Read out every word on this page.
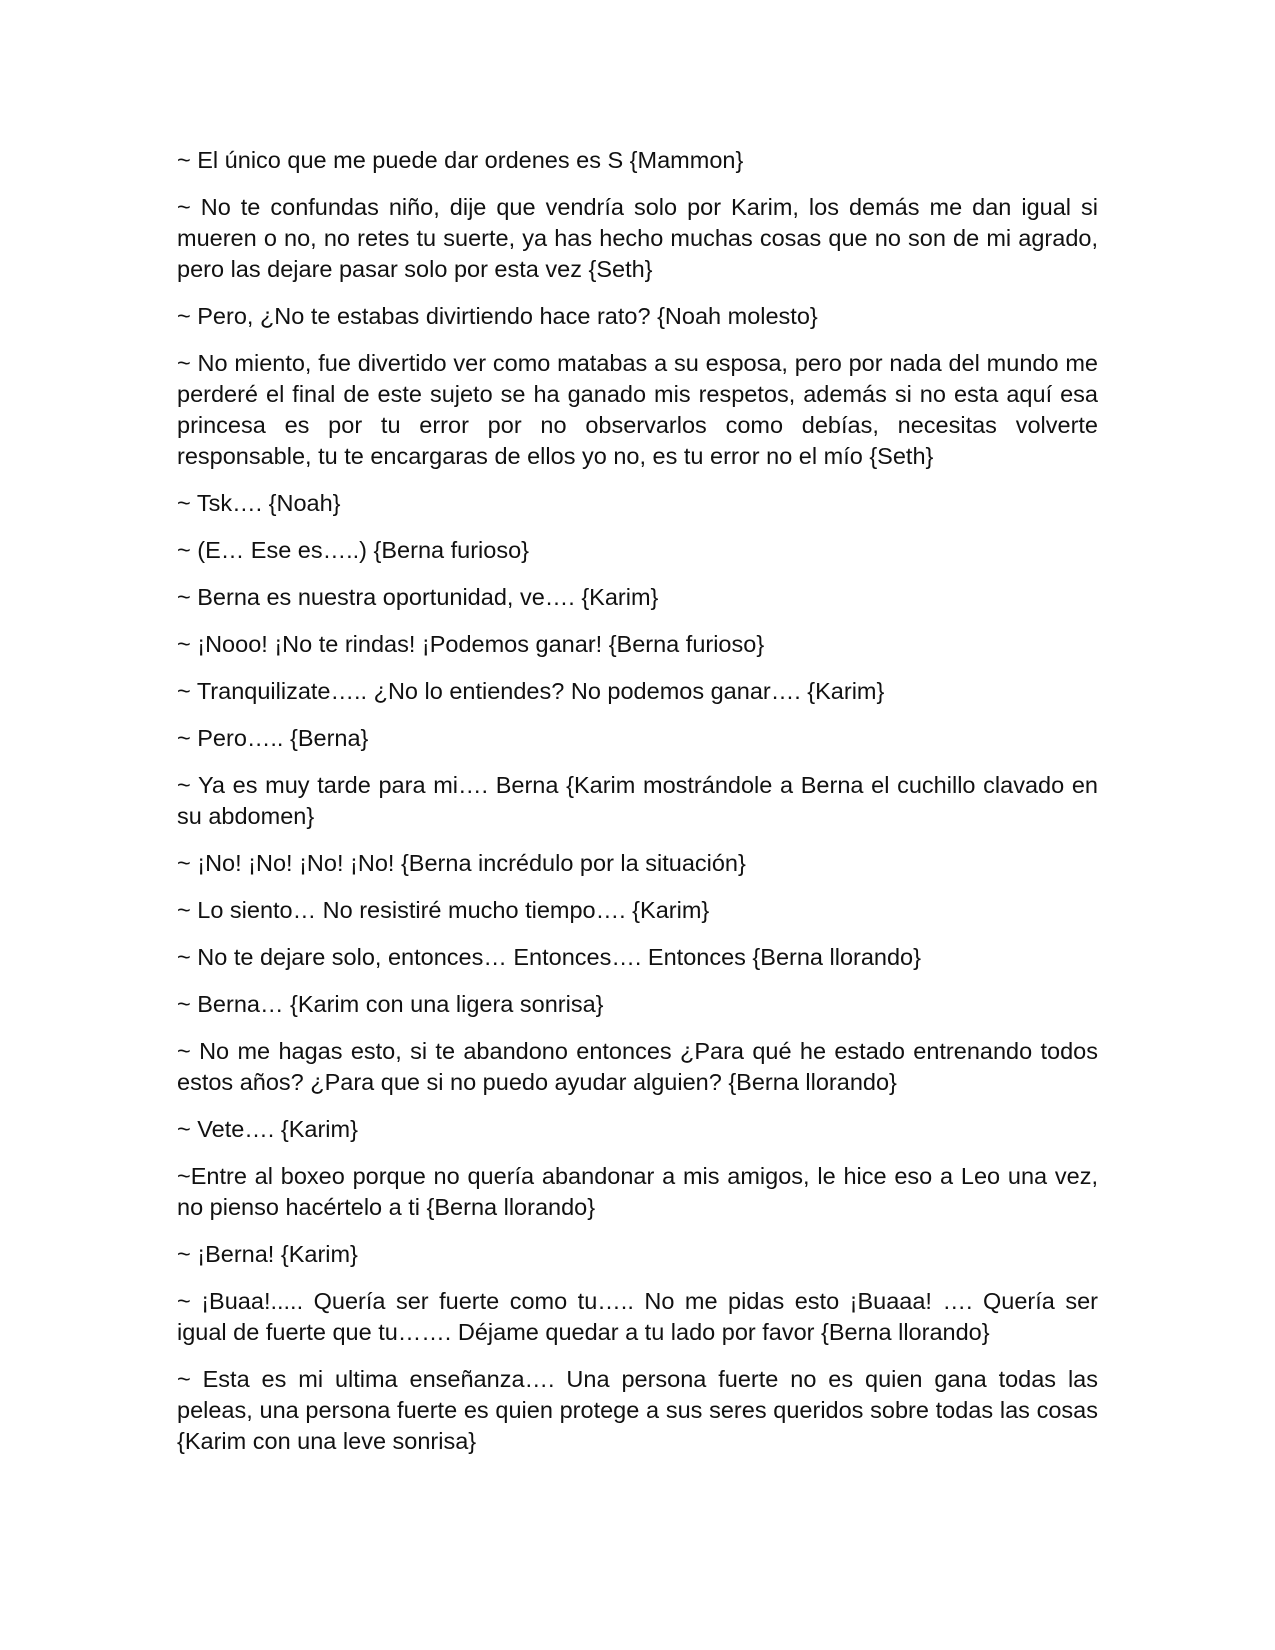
~ El único que me puede dar ordenes es S {Mammon}

~ No te confundas niño, dije que vendría solo por Karim, los demás me dan igual si mueren o no, no retes tu suerte, ya has hecho muchas cosas que no son de mi agrado, pero las dejare pasar solo por esta vez {Seth}

~ Pero, ¿No te estabas divirtiendo hace rato? {Noah molesto}

~ No miento, fue divertido ver como matabas a su esposa, pero por nada del mundo me perderé el final de este sujeto se ha ganado mis respetos, además si no esta aquí esa princesa es por tu error por no observarlos como debías, necesitas volverte responsable, tu te encargaras de ellos yo no, es tu error no el mío {Seth}

~ Tsk…. {Noah}

~ (E… Ese es…..) {Berna furioso}

~ Berna es nuestra oportunidad, ve…. {Karim}

~ ¡Nooo! ¡No te rindas! ¡Podemos ganar! {Berna furioso}

~ Tranquilizate….. ¿No lo entiendes? No podemos ganar…. {Karim}

~ Pero….. {Berna}

~ Ya es muy tarde para mi…. Berna {Karim mostrándole a Berna el cuchillo clavado en su abdomen}

~ ¡No! ¡No! ¡No! ¡No! {Berna incrédulo por la situación}

~ Lo siento… No resistiré mucho tiempo…. {Karim}

~ No te dejare solo, entonces… Entonces…. Entonces {Berna llorando}

~ Berna… {Karim con una ligera sonrisa}

~ No me hagas esto, si te abandono entonces ¿Para qué he estado entrenando todos estos años? ¿Para que si no puedo ayudar alguien? {Berna llorando}

~ Vete…. {Karim}

~Entre al boxeo porque no quería abandonar a mis amigos, le hice eso a Leo una vez, no pienso hacértelo a ti {Berna llorando}

~ ¡Berna! {Karim}

~ ¡Buaa!..... Quería ser fuerte como tu….. No me pidas esto ¡Buaaa! …. Quería ser igual de fuerte que tu……. Déjame quedar a tu lado por favor {Berna llorando}

~ Esta es mi ultima enseñanza…. Una persona fuerte no es quien gana todas las peleas, una persona fuerte es quien protege a sus seres queridos sobre todas las cosas {Karim con una leve sonrisa}
